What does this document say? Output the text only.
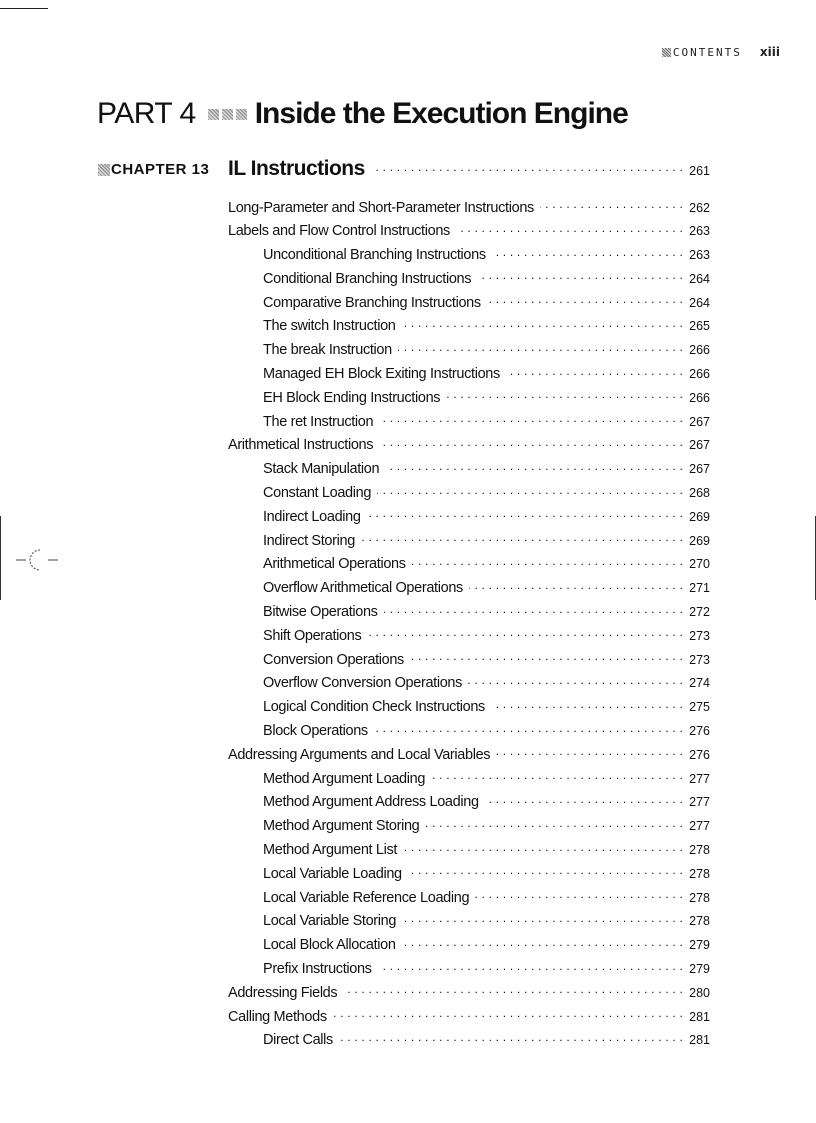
CONTENTS xiii
PART 4 Inside the Execution Engine
CHAPTER 13 IL Instructions . . .	261
Long-Parameter and Short-Parameter Instructions . . .	262
Labels and Flow Control Instructions . . .	263
Unconditional Branching Instructions . . .	263
Conditional Branching Instructions . . .	264
Comparative Branching Instructions . . .	264
The switch Instruction . . .	265
The break Instruction . . .	266
Managed EH Block Exiting Instructions . . .	266
EH Block Ending Instructions . . .	266
The ret Instruction . . .	267
Arithmetical Instructions . . .	267
Stack Manipulation . . .	267
Constant Loading . . .	268
Indirect Loading . . .	269
Indirect Storing . . .	269
Arithmetical Operations . . .	270
Overflow Arithmetical Operations . . .	271
Bitwise Operations . . .	272
Shift Operations . . .	273
Conversion Operations . . .	273
Overflow Conversion Operations . . .	274
Logical Condition Check Instructions . . .	275
Block Operations . . .	276
Addressing Arguments and Local Variables . . .	276
Method Argument Loading . . .	277
Method Argument Address Loading . . .	277
Method Argument Storing . . .	277
Method Argument List . . .	278
Local Variable Loading . . .	278
Local Variable Reference Loading . . .	278
Local Variable Storing . . .	278
Local Block Allocation . . .	279
Prefix Instructions . . .	279
Addressing Fields . . .	280
Calling Methods . . .	281
Direct Calls . . .	281
